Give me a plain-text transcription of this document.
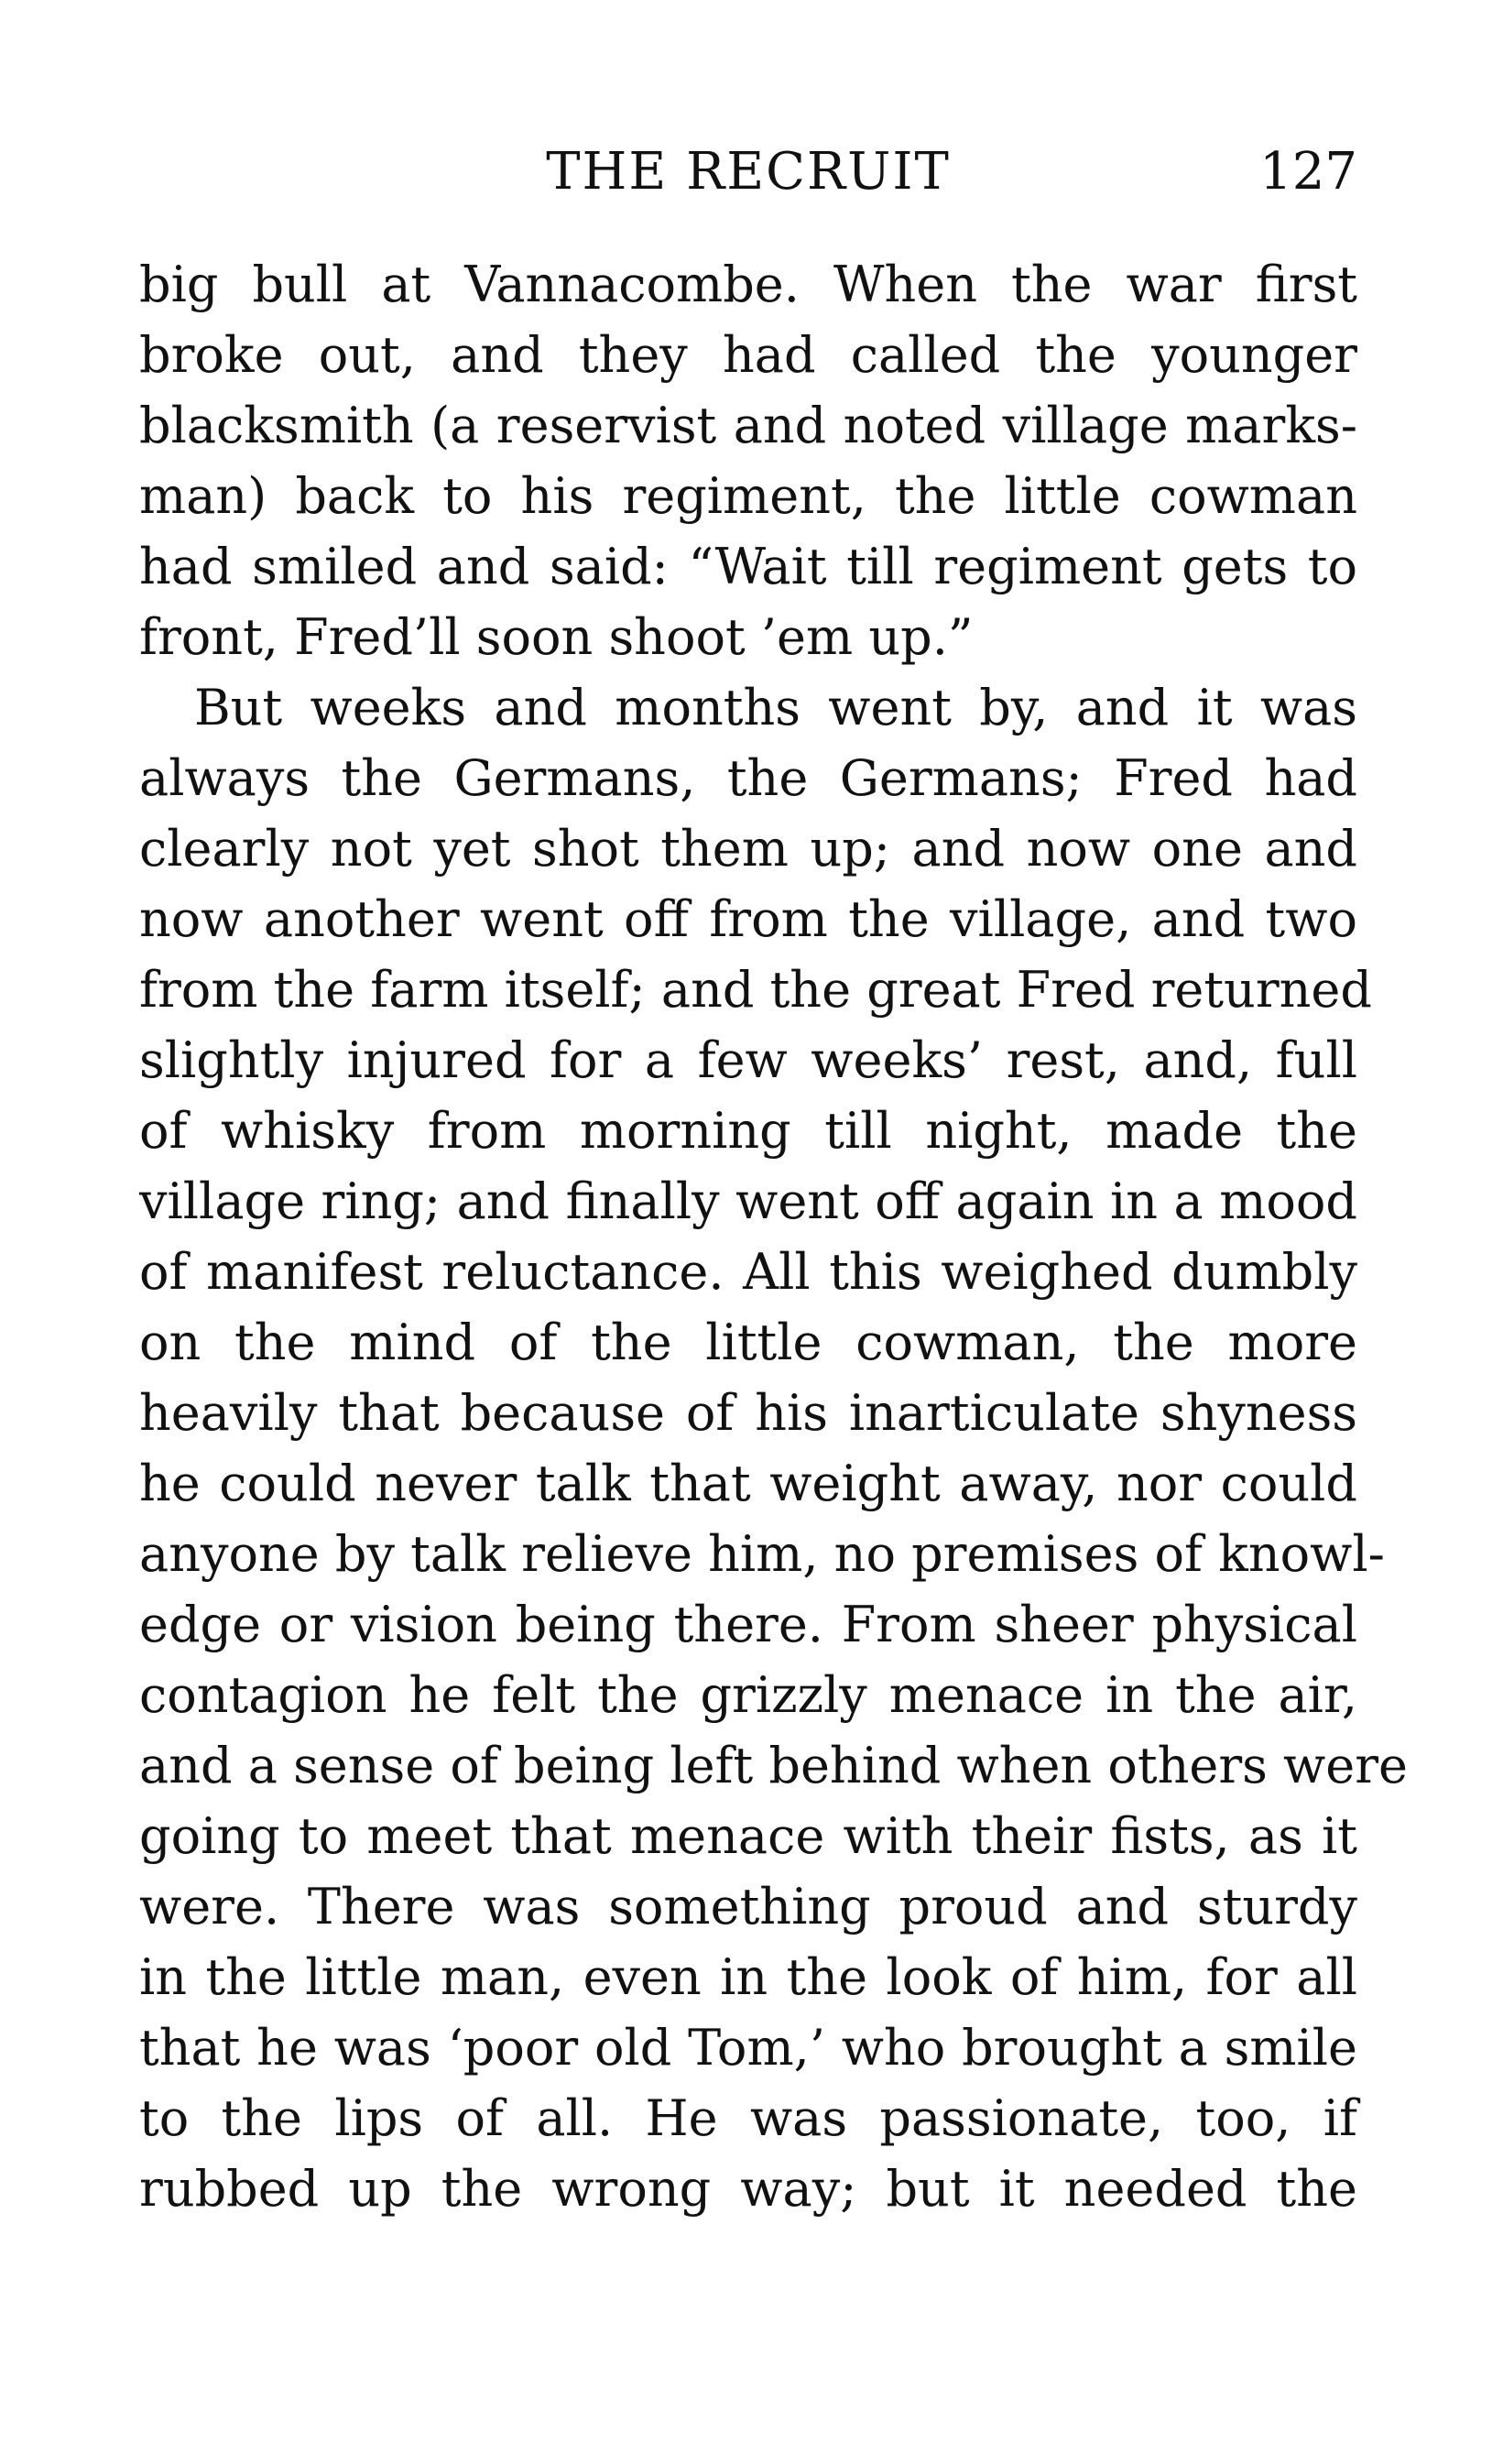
THE RECRUIT	127
big bull at Vannacombe. When the war first
broke out, and they had called the younger
blacksmith (a reservist and noted village marks-
man) back to his regiment, the little cowman
had smiled and said: “Wait till regiment gets to
front, Fred’ll soon shoot ’em up.”
But weeks and months went by, and it was
always the Germans, the Germans; Fred had
clearly not yet shot them up; and now one and
now another went off from the village, and two
from the farm itself; and the great Fred returned
slightly injured for a few weeks’ rest, and, full
of whisky from morning till night, made the
village ring; and finally went off again in a mood
of manifest reluctance. All this weighed dumbly
on the mind of the little cowman, the more
heavily that because of his inarticulate shyness
he could never talk that weight away, nor could
anyone by talk relieve him, no premises of knowl-
edge or vision being there. From sheer physical
contagion he felt the grizzly menace in the air,
and a sense of being left behind when others were
going to meet that menace with their fists, as it
were. There was something proud and sturdy
in the little man, even in the look of him, for all
that he was ‘poor old Tom,’ who brought a smile
to the lips of all. He was passionate, too, if
rubbed up the wrong way; but it needed the
